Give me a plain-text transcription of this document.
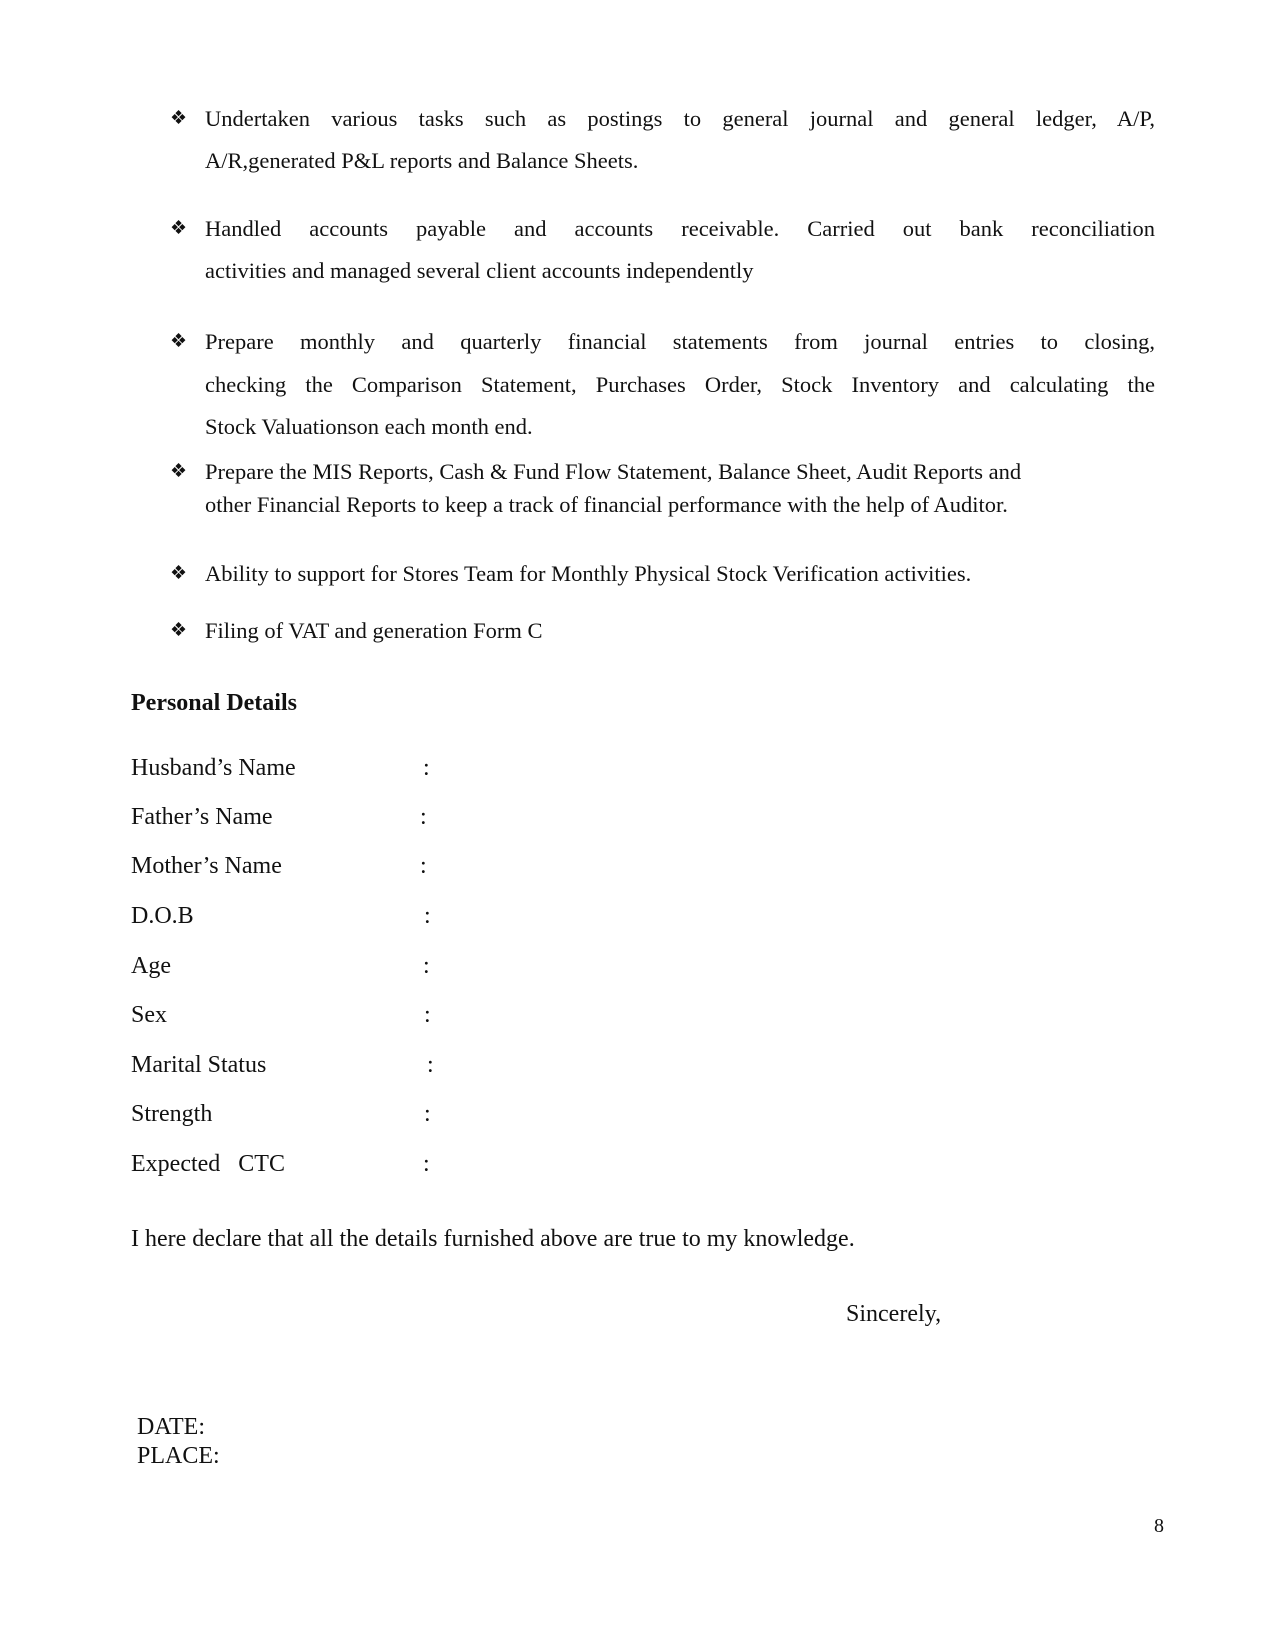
❖ Undertaken various tasks such as postings to general journal and general ledger, A/P,
A/R,generated P&L reports and Balance Sheets.
❖ Handled accounts payable and accounts receivable. Carried out bank reconciliation
activities and managed several client accounts independently
❖ Prepare monthly and quarterly financial statements from journal entries to closing,
checking the Comparison Statement, Purchases Order, Stock Inventory and calculating the
Stock Valuationson each month end.
❖ Prepare the MIS Reports, Cash & Fund Flow Statement, Balance Sheet, Audit Reports and
other Financial Reports to keep a track of financial performance with the help of Auditor.
❖ Ability to support for Stores Team for Monthly Physical Stock Verification activities.
❖ Filing of VAT and generation Form C
Personal Details
Husband’s Name	:
Father’s Name	:
Mother’s Name	:
D.O.B	:
Age	:
Sex	:
Marital Status	:
Strength	:
Expected   CTC	:
I here declare that all the details furnished above are true to my knowledge.
Sincerely,
DATE:
PLACE:
8
